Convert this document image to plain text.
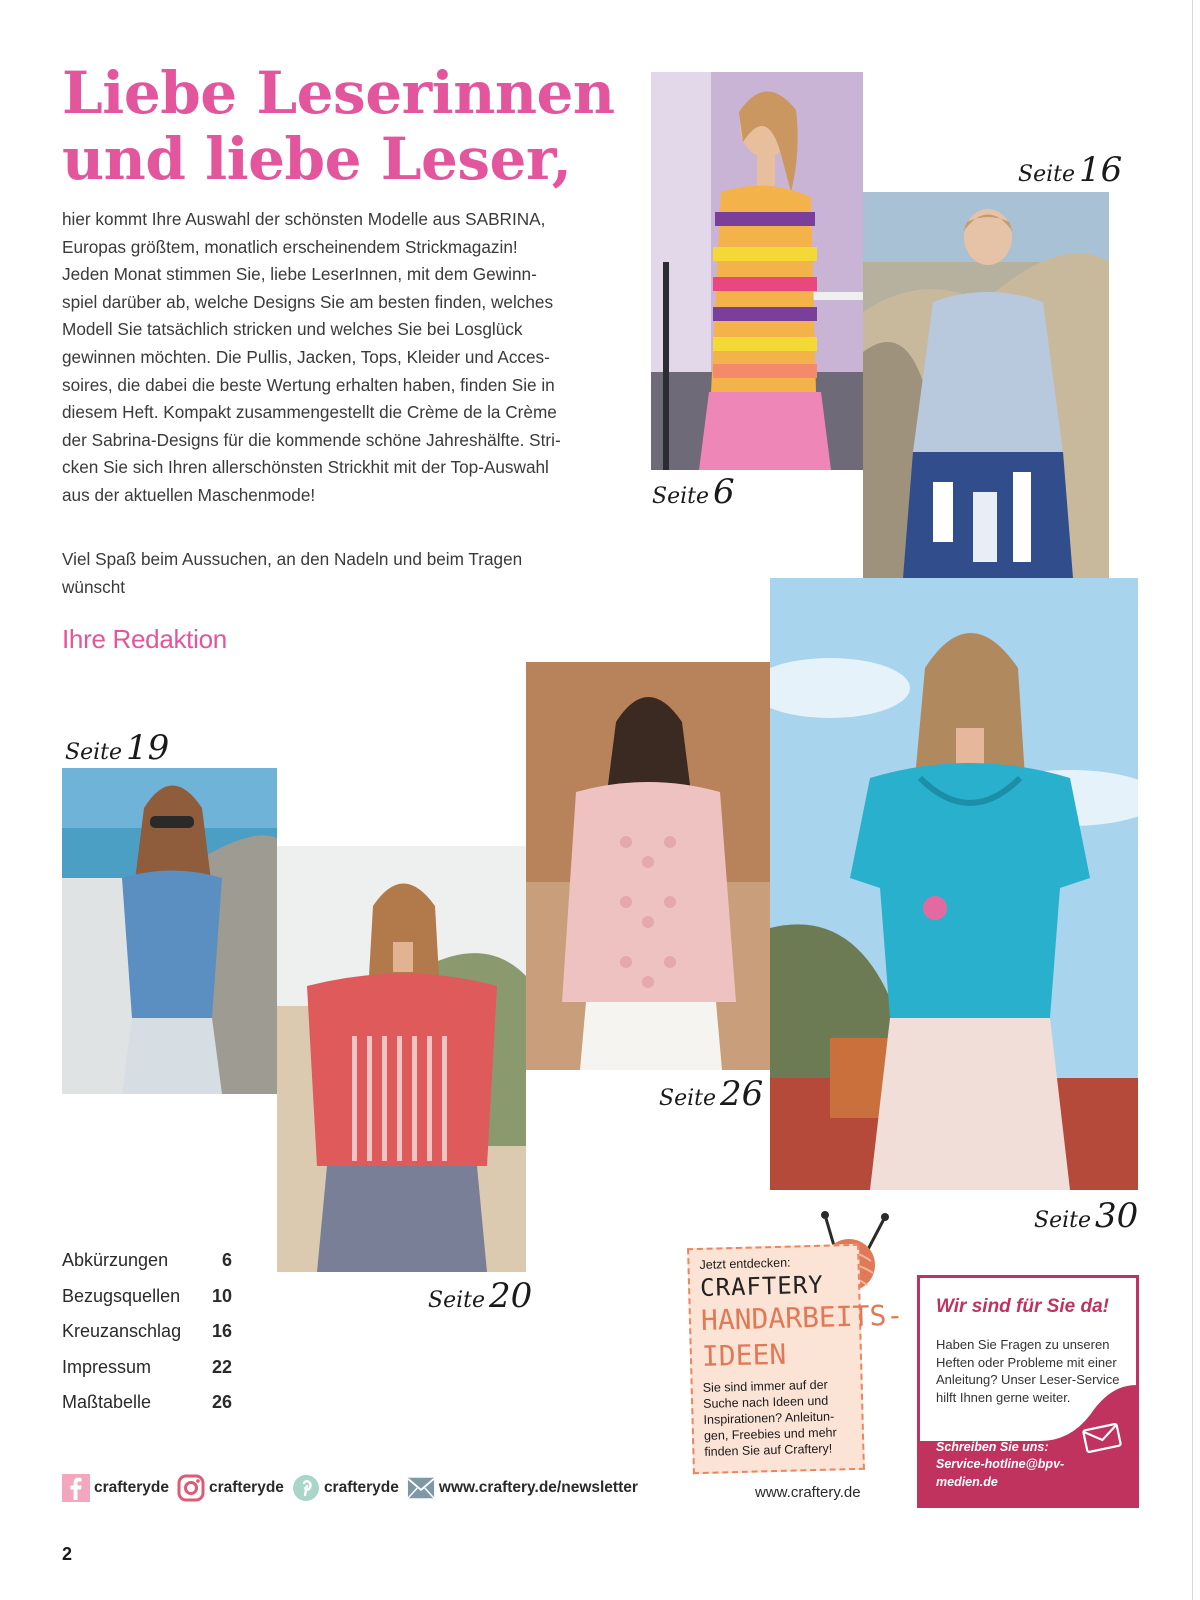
Liebe Leserinnen
und liebe Leser,

hier kommt Ihre Auswahl der schönsten Modelle aus SABRINA,

Europas größtem, monatlich erscheinendem Strickmagazin!

Jeden Monat stimmen Sie, liebe LeserInnen, mit dem Gewinn-

spiel darüber ab, welche Designs Sie am besten finden, welches

Modell Sie tatsächlich stricken und welches Sie bei Losglück

gewinnen möchten. Die Pullis, Jacken, Tops, Kleider und Acces-

soires, die dabei die beste Wertung erhalten haben, finden Sie in

diesem Heft. Kompakt zusammengestellt die Crème de la Crème

der Sabrina-Designs für die kommende schöne Jahreshälfte. Stri-

cken Sie sich Ihren allerschönsten Strickhit mit der Top-Auswahl

aus der aktuellen Maschenmode!

Viel Spaß beim Aussuchen, an den Nadeln und beim Tragen

wünscht

Ihre Redaktion
Seite 6
Seite 16
Seite 19
Seite 20
Seite 26
Seite 30
Abkürzungen	6
Bezugsquellen 10
Kreuzanschlag 16
Impressum	22
Maßtabelle	26
crafteryde	crafteryde	crafteryde	www.craftery.de/newsletter
2
Jetzt entdecken:
CRAFTERY
HANDARBEITS-
IDEEN
Sie sind immer auf der Suche nach Ideen und Inspirationen? Anleitun-gen, Freebies und mehr finden Sie auf Craftery!
www.craftery.de
Wir sind für Sie da!
Haben Sie Fragen zu unseren Heften oder Probleme mit einer Anleitung? Unser Leser-Service hilft Ihnen gerne weiter.
Schreiben Sie uns:
Service-hotline@bpv-
medien.de
